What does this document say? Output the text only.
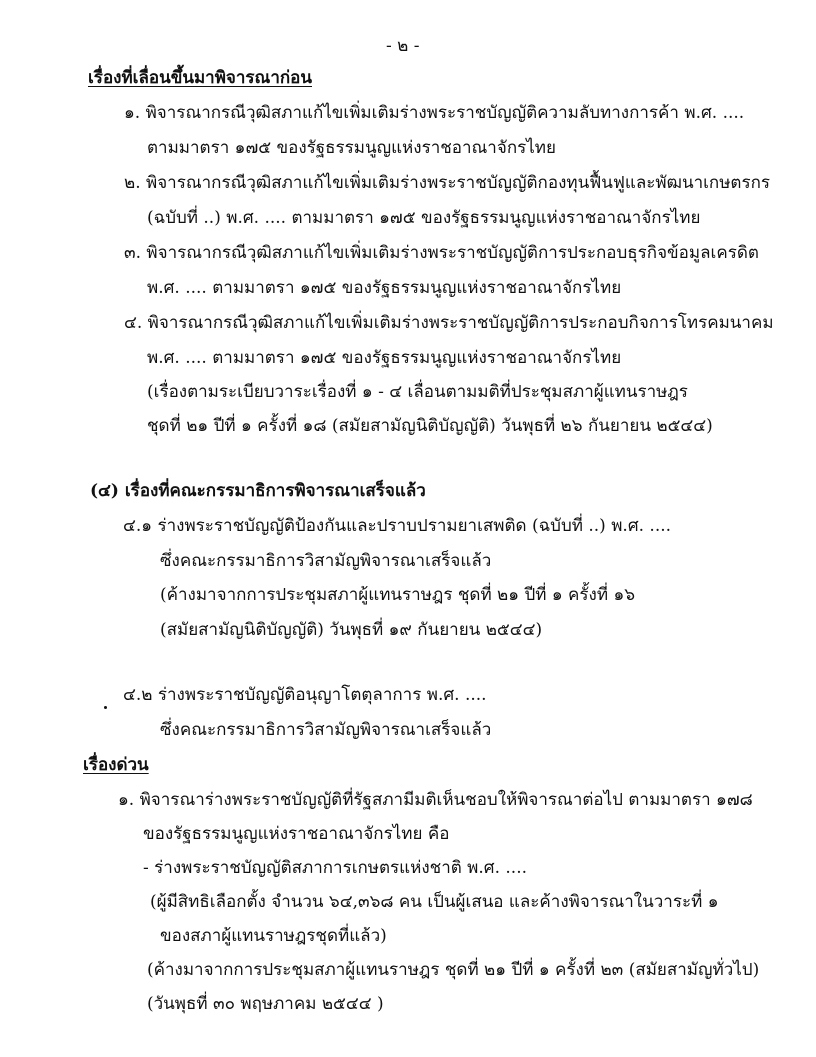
- ๒ -
เรื่องที่เลื่อนขึ้นมาพิจารณาก่อน
๑. พิจารณากรณีวุฒิสภาแก้ไขเพิ่มเติมร่างพระราชบัญญัติความลับทางการค้า พ.ศ. ....
ตามมาตรา ๑๗๕ ของรัฐธรรมนูญแห่งราชอาณาจักรไทย
๒. พิจารณากรณีวุฒิสภาแก้ไขเพิ่มเติมร่างพระราชบัญญัติกองทุนฟื้นฟูและพัฒนาเกษตรกร
(ฉบับที่ ..) พ.ศ. .... ตามมาตรา ๑๗๕ ของรัฐธรรมนูญแห่งราชอาณาจักรไทย
๓. พิจารณากรณีวุฒิสภาแก้ไขเพิ่มเติมร่างพระราชบัญญัติการประกอบธุรกิจข้อมูลเครดิต
พ.ศ. .... ตามมาตรา ๑๗๕ ของรัฐธรรมนูญแห่งราชอาณาจักรไทย
๔. พิจารณากรณีวุฒิสภาแก้ไขเพิ่มเติมร่างพระราชบัญญัติการประกอบกิจการโทรคมนาคม
พ.ศ. .... ตามมาตรา ๑๗๕ ของรัฐธรรมนูญแห่งราชอาณาจักรไทย
(เรื่องตามระเบียบวาระเรื่องที่ ๑ - ๔ เลื่อนตามมติที่ประชุมสภาผู้แทนราษฎร
ชุดที่ ๒๑ ปีที่ ๑ ครั้งที่ ๑๘ (สมัยสามัญนิติบัญญัติ) วันพุธที่ ๒๖ กันยายน ๒๕๔๔)
(๔) เรื่องที่คณะกรรมาธิการพิจารณาเสร็จแล้ว
๔.๑ ร่างพระราชบัญญัติป้องกันและปราบปรามยาเสพติด (ฉบับที่ ..) พ.ศ. ....
ซึ่งคณะกรรมาธิการวิสามัญพิจารณาเสร็จแล้ว
(ค้างมาจากการประชุมสภาผู้แทนราษฎร ชุดที่ ๒๑ ปีที่ ๑ ครั้งที่ ๑๖
(สมัยสามัญนิติบัญญัติ) วันพุธที่ ๑๙ กันยายน ๒๕๔๔)
๔.๒ ร่างพระราชบัญญัติอนุญาโตตุลาการ พ.ศ. ....
ซึ่งคณะกรรมาธิการวิสามัญพิจารณาเสร็จแล้ว
เรื่องด่วน
๑. พิจารณาร่างพระราชบัญญัติที่รัฐสภามีมติเห็นชอบให้พิจารณาต่อไป ตามมาตรา ๑๗๘
ของรัฐธรรมนูญแห่งราชอาณาจักรไทย คือ
- ร่างพระราชบัญญัติสภาการเกษตรแห่งชาติ พ.ศ. ....
(ผู้มีสิทธิเลือกตั้ง จำนวน ๖๔,๓๖๘ คน เป็นผู้เสนอ และค้างพิจารณาในวาระที่ ๑
ของสภาผู้แทนราษฎรชุดที่แล้ว)
(ค้างมาจากการประชุมสภาผู้แทนราษฎร ชุดที่ ๒๑ ปีที่ ๑ ครั้งที่ ๒๓ (สมัยสามัญทั่วไป)
(วันพุธที่ ๓๐ พฤษภาคม ๒๕๔๔ )
